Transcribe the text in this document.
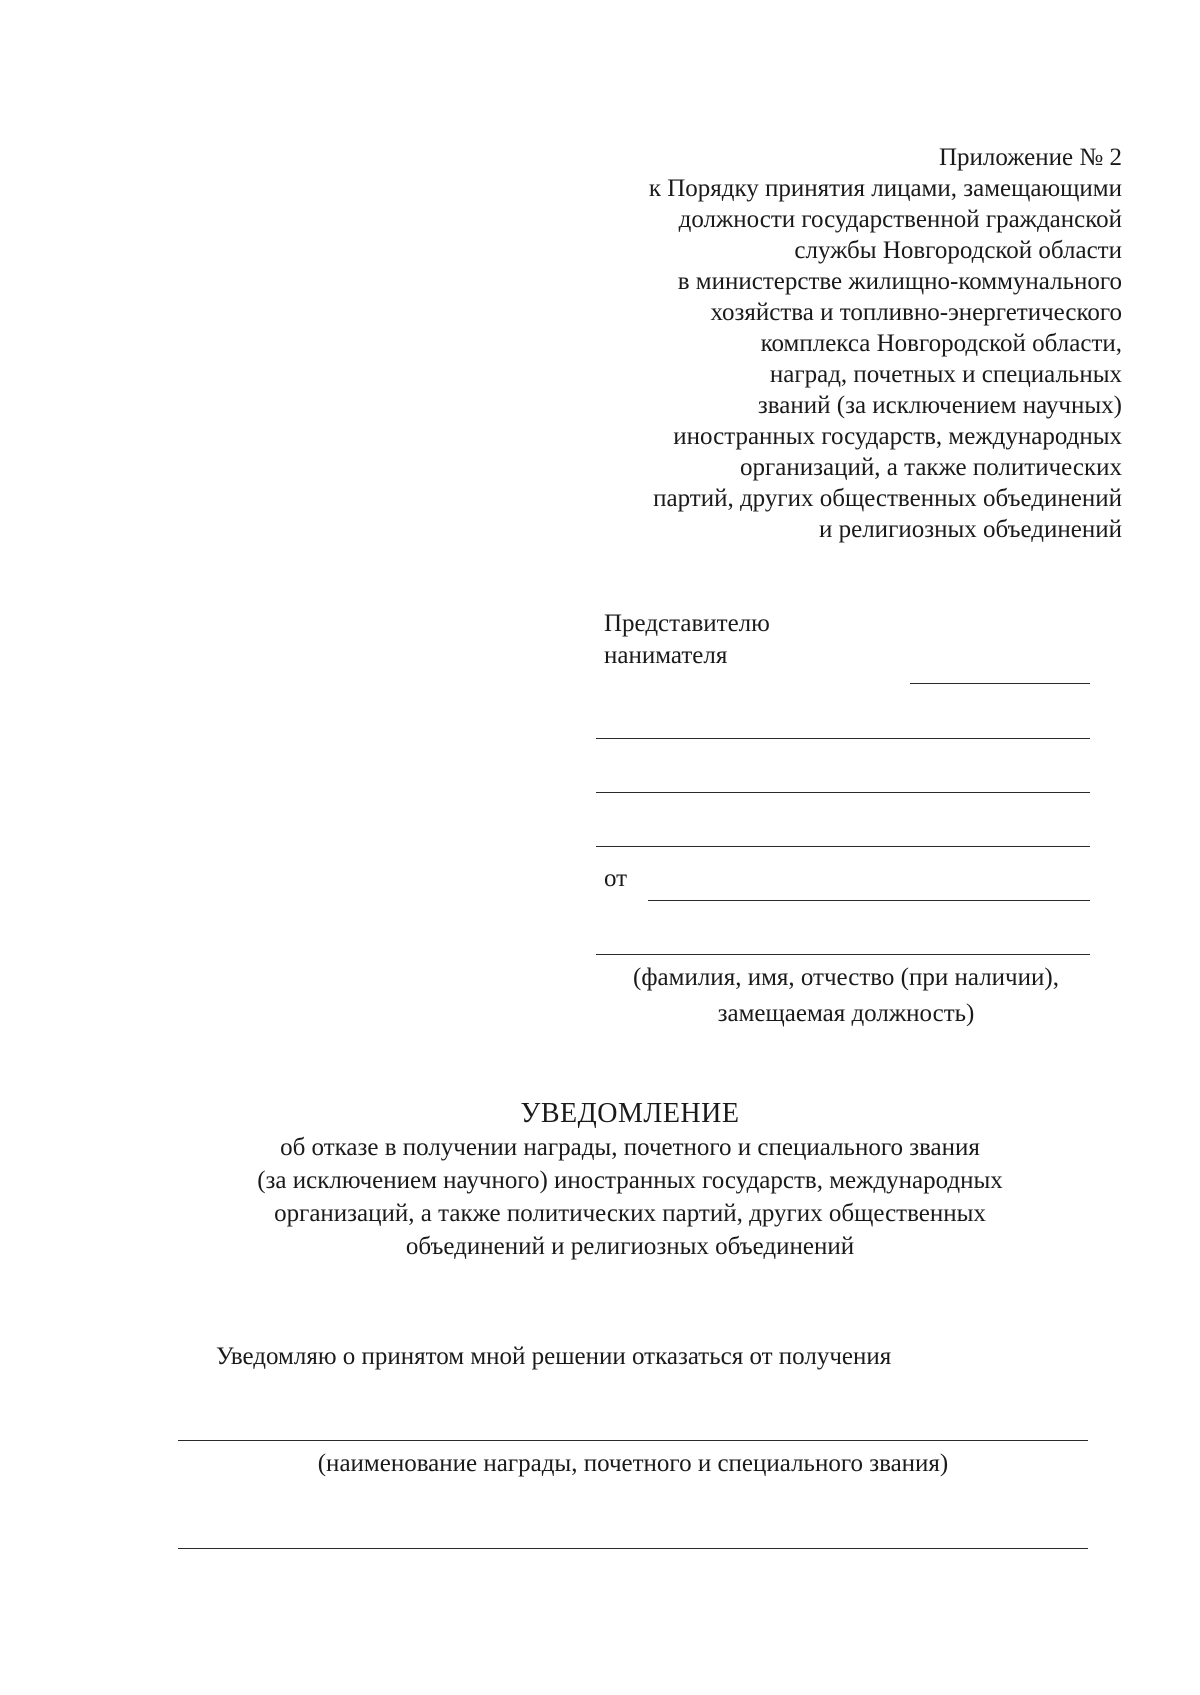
Приложение № 2
к Порядку принятия лицами, замещающими
должности государственной гражданской
службы Новгородской области
в министерстве жилищно-коммунального
хозяйства и топливно-энергетического
комплекса Новгородской области,
наград, почетных и специальных
званий (за исключением научных)
иностранных государств, международных
организаций, а также политических
партий, других общественных объединений
и религиозных объединений
Представителю
нанимателя
от
(фамилия, имя, отчество (при наличии),
замещаемая должность)
УВЕДОМЛЕНИЕ
об отказе в получении награды, почетного и специального звания
(за исключением научного) иностранных государств, международных
организаций, а также политических партий, других общественных
объединений и религиозных объединений
Уведомляю о принятом мной решении отказаться от получения
(наименование награды, почетного и специального звания)
